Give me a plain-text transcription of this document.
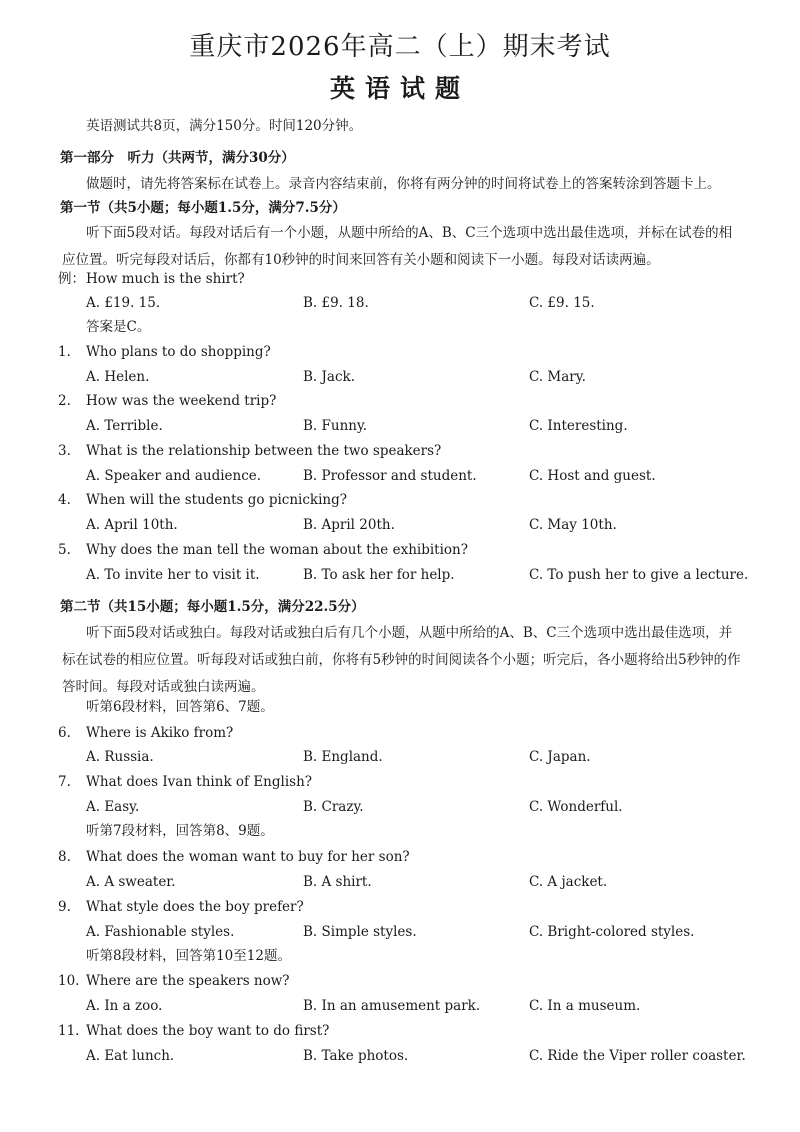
重庆市2026年高二（上）期末考试
英语试题
英语测试共8页，满分150分。时间120分钟。
第一部分　听力（共两节，满分30分）
做题时，请先将答案标在试卷上。录音内容结束前，你将有两分钟的时间将试卷上的答案转涂到答题卡上。
第一节（共5小题；每小题1.5分，满分7.5分）
听下面5段对话。每段对话后有一个小题，从题中所给的A、B、C三个选项中选出最佳选项，并标在试卷的相应位置。听完每段对话后，你都有10秒钟的时间来回答有关小题和阅读下一小题。每段对话读两遍。
例： How much is the shirt?
A. £19. 15.	B. £9. 18.	C. £9. 15.
答案是C。
1. Who plans to do shopping?
A. Helen.	B. Jack.	C. Mary.
2. How was the weekend trip?
A. Terrible.	B. Funny.	C. Interesting.
3. What is the relationship between the two speakers?
A. Speaker and audience.	B. Professor and student.	C. Host and guest.
4. When will the students go picnicking?
A. April 10th.	B. April 20th.	C. May 10th.
5. Why does the man tell the woman about the exhibition?
A. To invite her to visit it.	B. To ask her for help.	C. To push her to give a lecture.
第二节（共15小题；每小题1.5分，满分22.5分）
听下面5段对话或独白。每段对话或独白后有几个小题，从题中所给的A、B、C三个选项中选出最佳选项，并标在试卷的相应位置。听每段对话或独白前，你将有5秒钟的时间阅读各个小题；听完后，各小题将给出5秒钟的作答时间。每段对话或独白读两遍。
听第6段材料，回答第6、7题。
6. Where is Akiko from?
A. Russia.	B. England.	C. Japan.
7. What does Ivan think of English?
A. Easy.	B. Crazy.	C. Wonderful.
听第7段材料，回答第8、9题。
8. What does the woman want to buy for her son?
A. A sweater.	B. A shirt.	C. A jacket.
9. What style does the boy prefer?
A. Fashionable styles.	B. Simple styles.	C. Bright-colored styles.
听第8段材料，回答第10至12题。
10. Where are the speakers now?
A. In a zoo.	B. In an amusement park.	C. In a museum.
11. What does the boy want to do first?
A. Eat lunch.	B. Take photos.	C. Ride the Viper roller coaster.
